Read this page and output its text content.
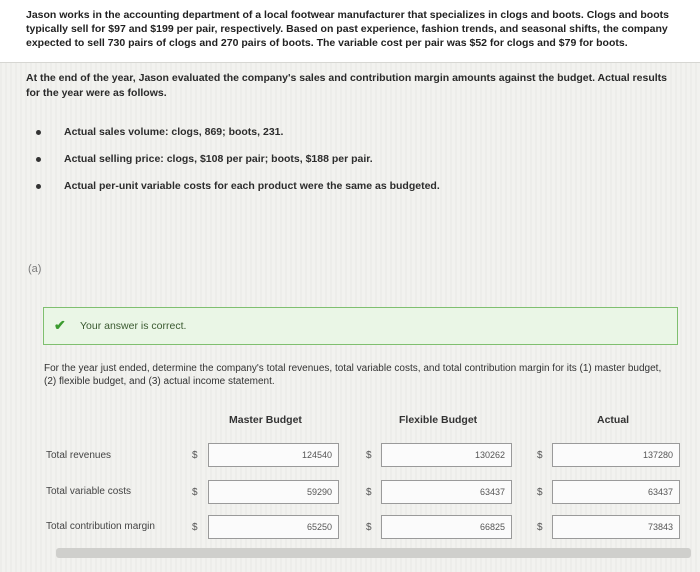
Jason works in the accounting department of a local footwear manufacturer that specializes in clogs and boots. Clogs and boots typically sell for $97 and $199 per pair, respectively. Based on past experience, fashion trends, and seasonal shifts, the company expected to sell 730 pairs of clogs and 270 pairs of boots. The variable cost per pair was $52 for clogs and $79 for boots.

At the end of the year, Jason evaluated the company's sales and contribution margin amounts against the budget. Actual results for the year were as follows.
Actual sales volume: clogs, 869; boots, 231.
Actual selling price: clogs, $108 per pair; boots, $188 per pair.
Actual per-unit variable costs for each product were the same as budgeted.
(a)
✔ Your answer is correct.
For the year just ended, determine the company's total revenues, total variable costs, and total contribution margin for its (1) master budget, (2) flexible budget, and (3) actual income statement.
Master Budget	Flexible Budget	Actual
Total revenues	$	124540	$	130262	$	137280
Total variable costs	$	59290	$	63437	$	63437
Total contribution margin	$	65250	$	66825	$	73843
